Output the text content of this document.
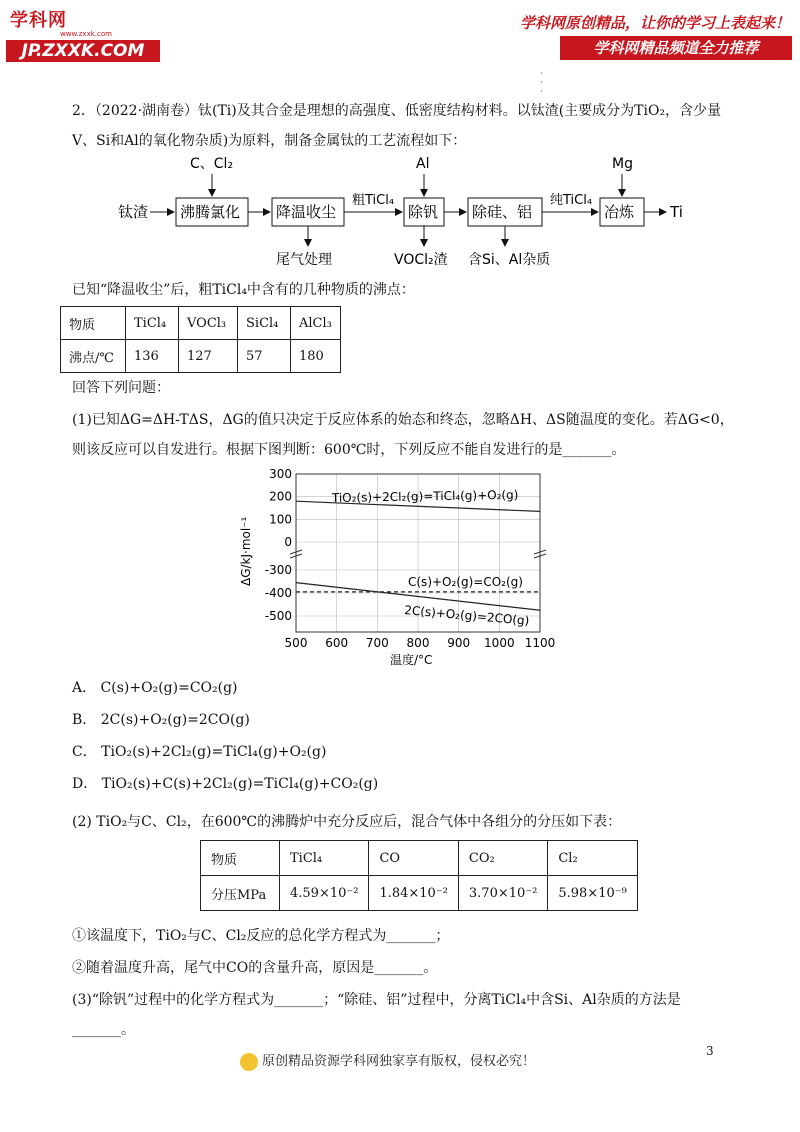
学科网
www.zxxk.com
JP.ZXXK.COM
学科网原创精品，让你的学习上表起来！
学科网精品频道全力推荐
·
·
·

2．（2022·湖南卷）钛(Ti)及其合金是理想的高强度、低密度结构材料。以钛渣(主要成分为TiO₂，含少量

V、Si和Al的氧化物杂质)为原料，制备金属钛的工艺流程如下：

钛渣 沸腾氯化 降温收尘
粗TiCl₄
除钒 除硅、铝
纯TiCl₄
冶炼 Ti
C、Cl₂	Al	Mg
尾气处理	VOCl₂渣 含Si、Al杂质

已知“降温收尘”后，粗TiCl₄中含有的几种物质的沸点：

物质	TiCl₄	VOCl₃	SiCl₄	AlCl₃
沸点/℃	136	127	57	180

回答下列问题：

(1)已知ΔG=ΔH-TΔS，ΔG的值只决定于反应体系的始态和终态，忽略ΔH、ΔS随温度的变化。若ΔG<0，

则该反应可以自发进行。根据下图判断：600℃时，下列反应不能自发进行的是_______。

500 600 700 800 900 1000 1100
300
200
100
0
-300
-400
-500
TiO₂(s)+2Cl₂(g)=TiCl₄(g)+O₂(g)
C(s)+O₂(g)=CO₂(g)
2C(s)+O₂(g)=2CO(g)
温度/°C
ΔG/kJ·mol⁻¹
A． C(s)+O₂(g)=CO₂(g)
B． 2C(s)+O₂(g)=2CO(g)
C． TiO₂(s)+2Cl₂(g)=TiCl₄(g)+O₂(g)
D． TiO₂(s)+C(s)+2Cl₂(g)=TiCl₄(g)+CO₂(g)

(2) TiO₂与C、Cl₂，在600℃的沸腾炉中充分反应后，混合气体中各组分的分压如下表：

物质	TiCl₄	CO	CO₂	Cl₂
分压MPa	4.59×10⁻²	1.84×10⁻²	3.70×10⁻²	5.98×10⁻⁹

①该温度下，TiO₂与C、Cl₂反应的总化学方程式为_______；

②随着温度升高，尾气中CO的含量升高，原因是_______。

(3)“除钒”过程中的化学方程式为_______；“除硅、铝”过程中，分离TiCl₄中含Si、Al杂质的方法是

_______。

原创精品资源学科网独家享有版权，侵权必究！
3
